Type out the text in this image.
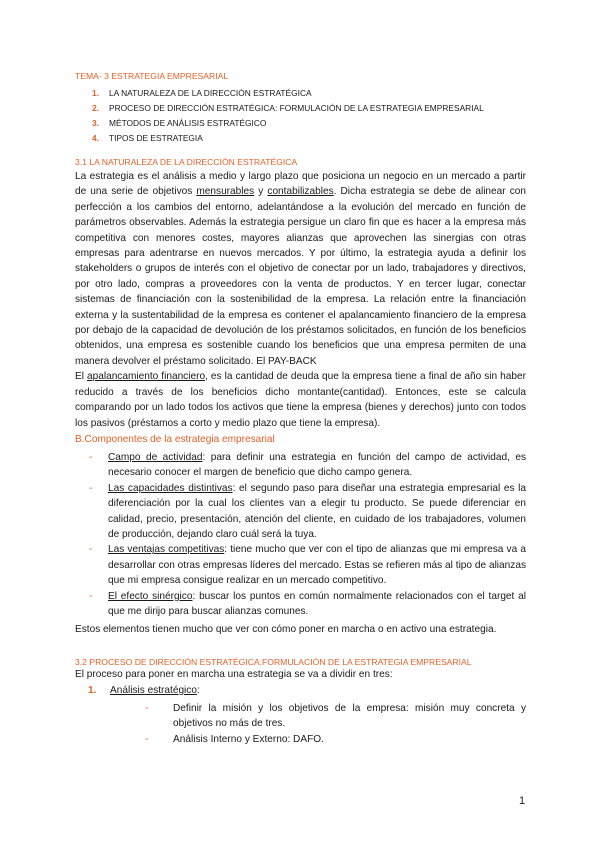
TEMA- 3 ESTRATEGIA EMPRESARIAL
1. LA NATURALEZA DE LA DIRECCIÓN ESTRATÉGICA
2. PROCESO DE DIRECCIÓN ESTRATÉGICA: FORMULACIÓN DE LA ESTRATEGIA EMPRESARIAL
3. MÉTODOS DE ANÁLISIS ESTRATÉGICO
4. TIPOS DE ESTRATEGIA
3.1 LA NATURALEZA DE LA DIRECCIÓN ESTRATÉGICA

La estrategia es el análisis a medio y largo plazo que posiciona un negocio en un mercado a partir de una serie de objetivos mensurables y contabilizables. Dicha estrategia se debe de alinear con perfección a los cambios del entorno, adelantándose a la evolución del mercado en función de parámetros observables. Además la estrategia persigue un claro fin que es hacer a la empresa más competitiva con menores costes, mayores alianzas que aprovechen las sinergias con otras empresas para adentrarse en nuevos mercados. Y por último, la estrategia ayuda a definir los stakeholders o grupos de interés con el objetivo de conectar por un lado, trabajadores y directivos, por otro lado, compras a proveedores con la venta de productos. Y en tercer lugar, conectar sistemas de financiación con la sostenibilidad de la empresa. La relación entre la financiación externa y la sustentabilidad de la empresa es contener el apalancamiento financiero de la empresa por debajo de la capacidad de devolución de los préstamos solicitados, en función de los beneficios obtenidos, una empresa es sostenible cuando los beneficios que una empresa permiten de una manera devolver el préstamo solicitado. El PAY-BACK

El apalancamiento financiero, es la cantidad de deuda que la empresa tiene a final de año sin haber reducido a través de los beneficios dicho montante(cantidad). Entonces, este se calcula comparando por un lado todos los activos que tiene la empresa (bienes y derechos) junto con todos los pasivos (préstamos a corto y medio plazo que tiene la empresa).

B.Componentes de la estrategia empresarial
- Campo de actividad: para definir una estrategia en función del campo de actividad, es necesario conocer el margen de beneficio que dicho campo genera.
- Las capacidades distintivas: el segundo paso para diseñar una estrategia empresarial es la diferenciación por la cual los clientes van a elegir tu producto. Se puede diferenciar en calidad, precio, presentación, atención del cliente, en cuidado de los trabajadores, volumen de producción, dejando claro cuál será la tuya.
- Las ventajas competitivas: tiene mucho que ver con el tipo de alianzas que mi empresa va a desarrollar con otras empresas líderes del mercado. Estas se refieren más al tipo de alianzas que mi empresa consigue realizar en un mercado competitivo.
- El efecto sinérgico: buscar los puntos en común normalmente relacionados con el target al que me dirijo para buscar alianzas comunes.
Estos elementos tienen mucho que ver con cómo poner en marcha o en activo una estrategia.
3.2 PROCESO DE DIRECCIÓN ESTRATÉGICA:FORMULACIÓN DE LA ESTRATEGIA EMPRESARIAL
El proceso para poner en marcha una estrategia se va a dividir en tres:
1. Análisis estratégico:
- Definir la misión y los objetivos de la empresa: misión muy concreta y objetivos no más de tres.
- Análisis Interno y Externo: DAFO.
1
